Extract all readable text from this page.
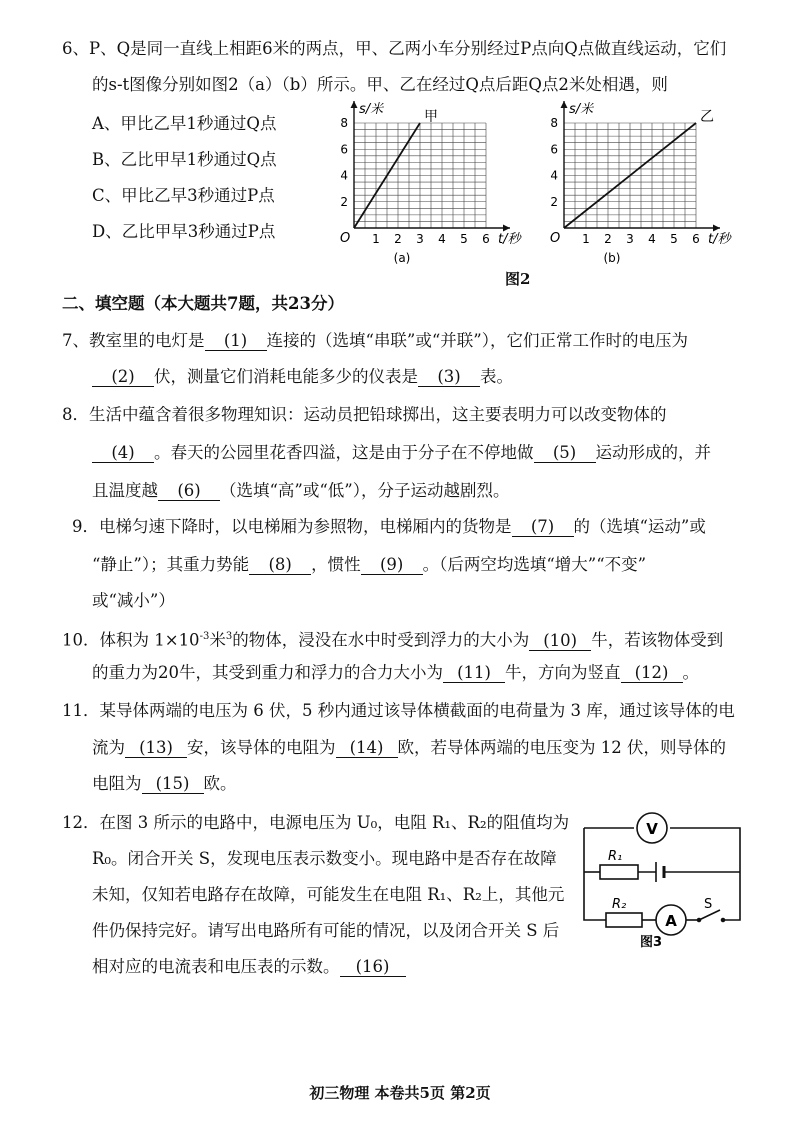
6、P、Q是同一直线上相距6米的两点，甲、乙两小车分别经过P点向Q点做直线运动，它们
的s-t图像分别如图2（a）（b）所示。甲、乙在经过Q点后距Q点2米处相遇，则
A、甲比乙早1秒通过Q点
B、乙比甲早1秒通过Q点
C、甲比乙早3秒通过P点
D、乙比甲早3秒通过P点	1 2 3 4 5 6
2
4
6
8
O	t/秒
s/米	甲
(a)
1 2 3 4 5 6
2
4
6
8
O	t/秒
s/米	乙
(b)
图2
二、填空题（本大题共7题，共23分）
7、教室里的电灯是 (1) 连接的（选填“串联”或“并联”），它们正常工作时的电压为
(2) 伏，测量它们消耗电能多少的仪表是 (3) 表。
8．生活中蕴含着很多物理知识：运动员把铅球掷出，这主要表明力可以改变物体的
(4) 。春天的公园里花香四溢，这是由于分子在不停地做 (5) 运动形成的，并
且温度越 (6) （选填“高”或“低”），分子运动越剧烈。
9．电梯匀速下降时，以电梯厢为参照物，电梯厢内的货物是 (7) 的（选填“运动”或
“静止”）；其重力势能 (8) ，惯性 (9) 。（后两空均选填“增大”“不变”
或“减小”）
10．体积为 $1\times 10^{-3}$米$^3$的物体，浸没在水中时受到浮力的大小为 (10) 牛，若该物体受到
的重力为20牛，其受到重力和浮力的合力大小为 (11) 牛，方向为竖直 (12) 。
11．某导体两端的电压为 6 伏，5 秒内通过该导体横截面的电荷量为 3 库，通过该导体的电
流为 (13) 安，该导体的电阻为 (14) 欧，若导体两端的电压变为 12 伏，则导体的
电阻为 (15) 欧。
12．在图 3 所示的电路中，电源电压为 U₀，电阻 R₁、R₂的阻值均为
R₀。闭合开关 S，发现电压表示数变小。现电路中是否存在故障
未知，仅知若电路存在故障，可能发生在电阻 R₁、R₂上，其他元
件仍保持完好。请写出电路所有可能的情况，以及闭合开关 S 后
相对应的电流表和电压表的示数。 (16)
V
A
R₁
R₂	S
图3
初三物理 本卷共5页 第2页
